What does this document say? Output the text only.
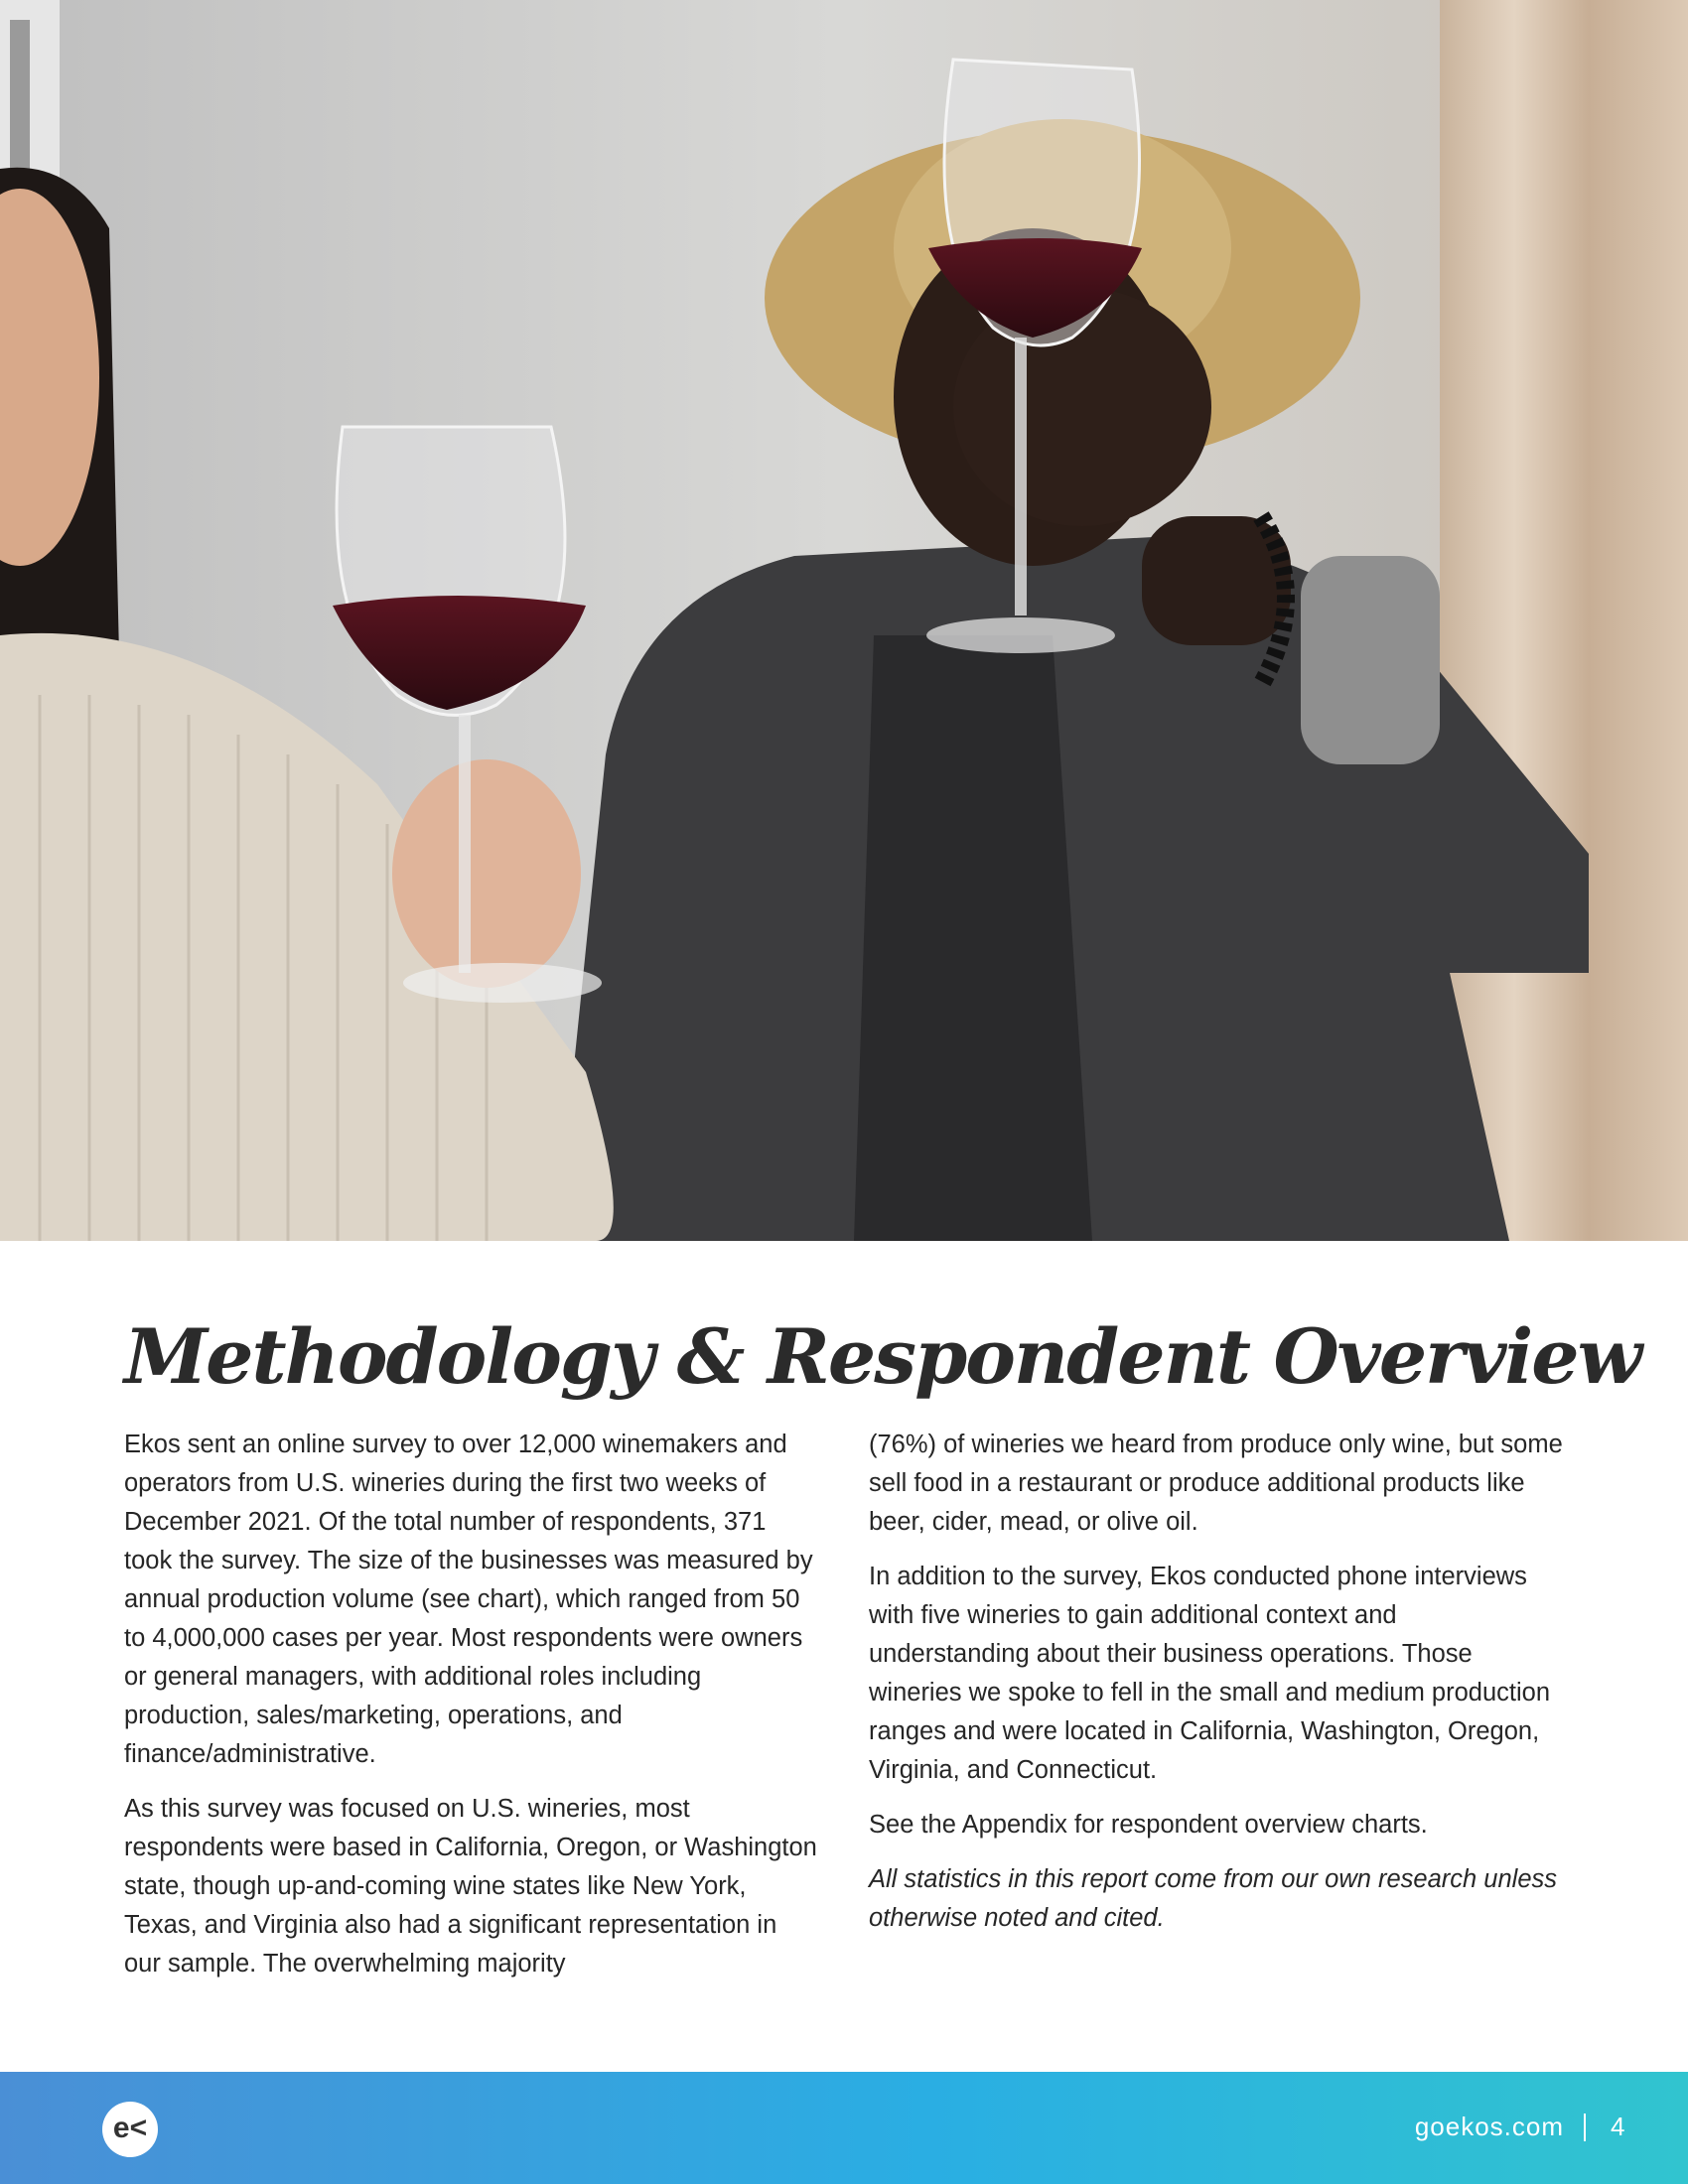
Methodology & Respondent Overview

Ekos sent an online survey to over 12,000 winemakers and operators from U.S. wineries during the first two weeks of December 2021. Of the total number of respondents, 371 took the survey. The size of the businesses was measured by annual production volume (see chart), which ranged from 50 to 4,000,000 cases per year. Most respondents were owners or general managers, with additional roles including production, sales/marketing, operations, and finance/administrative.

As this survey was focused on U.S. wineries, most respondents were based in California, Oregon, or Washington state, though up-and-coming wine states like New York, Texas, and Virginia also had a significant representation in our sample. The overwhelming majority

(76%) of wineries we heard from produce only wine, but some sell food in a restaurant or produce additional products like beer, cider, mead, or olive oil.

In addition to the survey, Ekos conducted phone interviews with five wineries to gain additional context and understanding about their business operations. Those wineries we spoke to fell in the small and medium production ranges and were located in California, Washington, Oregon, Virginia, and Connecticut.

See the Appendix for respondent overview charts.

All statistics in this report come from our own research unless otherwise noted and cited.

e<	goekos.com 4
